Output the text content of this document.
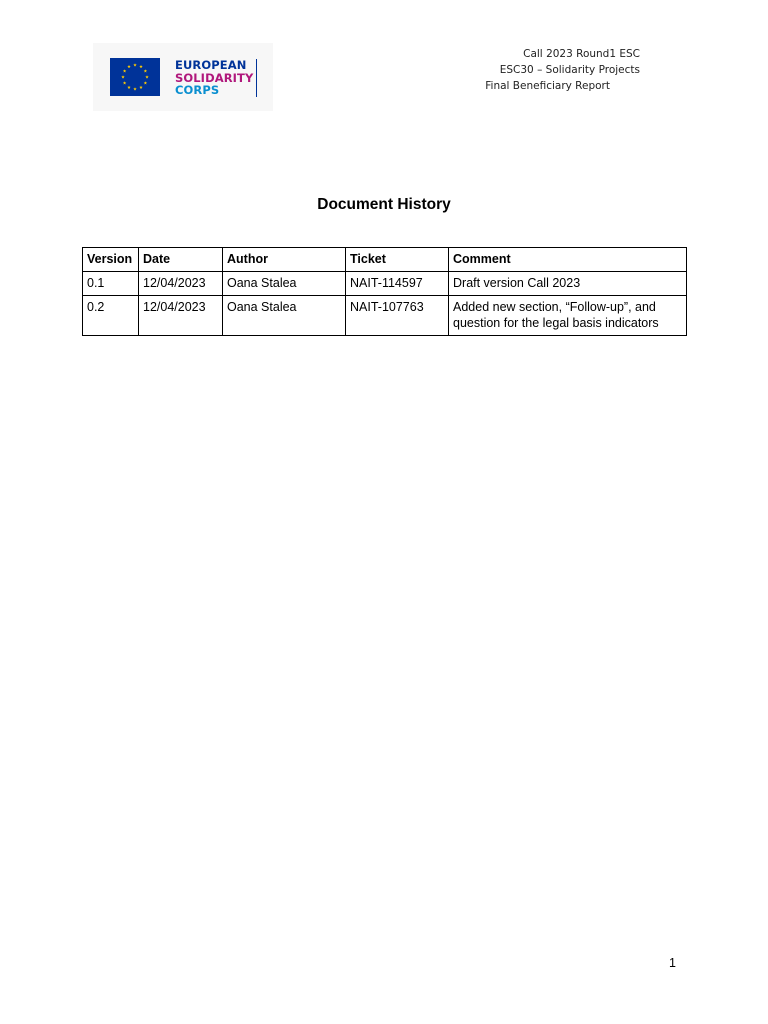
EUROPEAN
SOLIDARITY
CORPS
Call 2023 Round1 ESC
ESC30 – Solidarity Projects
Final Beneficiary Report
Document History
Version	Date	Author	Ticket	Comment
0.1	12/04/2023	Oana Stalea	NAIT-114597	Draft version Call 2023
0.2	12/04/2023	Oana Stalea	NAIT-107763	Added new section, “Follow-up”, and question for the legal basis indicators
1
